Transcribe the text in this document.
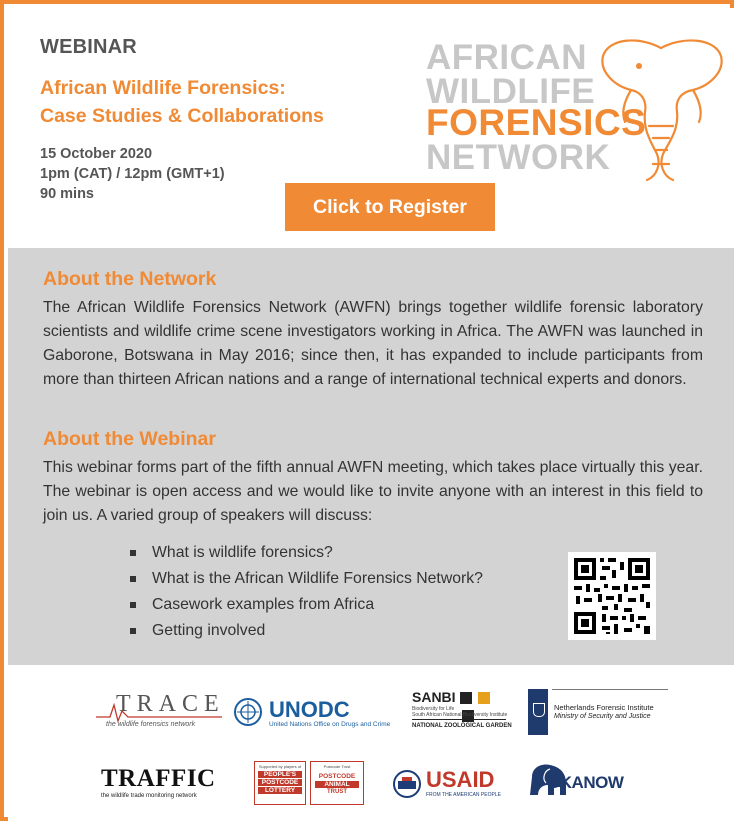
WEBINAR
African Wildlife Forensics:
Case Studies & Collaborations
15 October 2020
1pm (CAT) / 12pm (GMT+1)
90 mins
Click to Register
AFRICAN
WILDLIFE
FORENSICS
NETWORK
About the Network
The African Wildlife Forensics Network (AWFN) brings together wildlife forensic laboratory scientists and wildlife crime scene investigators working in Africa. The AWFN was launched in Gaborone, Botswana in May 2016; since then, it has expanded to include participants from more than thirteen African nations and a range of international technical experts and donors.
About the Webinar
This webinar forms part of the fifth annual AWFN meeting, which takes place virtually this year. The webinar is open access and we would like to invite anyone with an interest in this field to join us. A varied group of speakers will discuss:
What is wildlife forensics?
What is the African Wildlife Forensics Network?
Casework examples from Africa
Getting involved
TRACE
the wildlife forensics network
UNODC
United Nations Office on Drugs and Crime
SANBI

Biodiversity for Life
South African National Biodiversity Institute
NATIONAL ZOOLOGICAL GARDEN
Netherlands Forensic Institute
Ministry of Security and Justice
TRAFFIC
the wildlife trade monitoring network
Supported by players of
PEOPLE'S
POSTCODE
LOTTERY
Postcode Trust
POSTCODE
ANIMAL
TRUST	USAID
FROM THE AMERICAN PEOPLE
UKANOW
